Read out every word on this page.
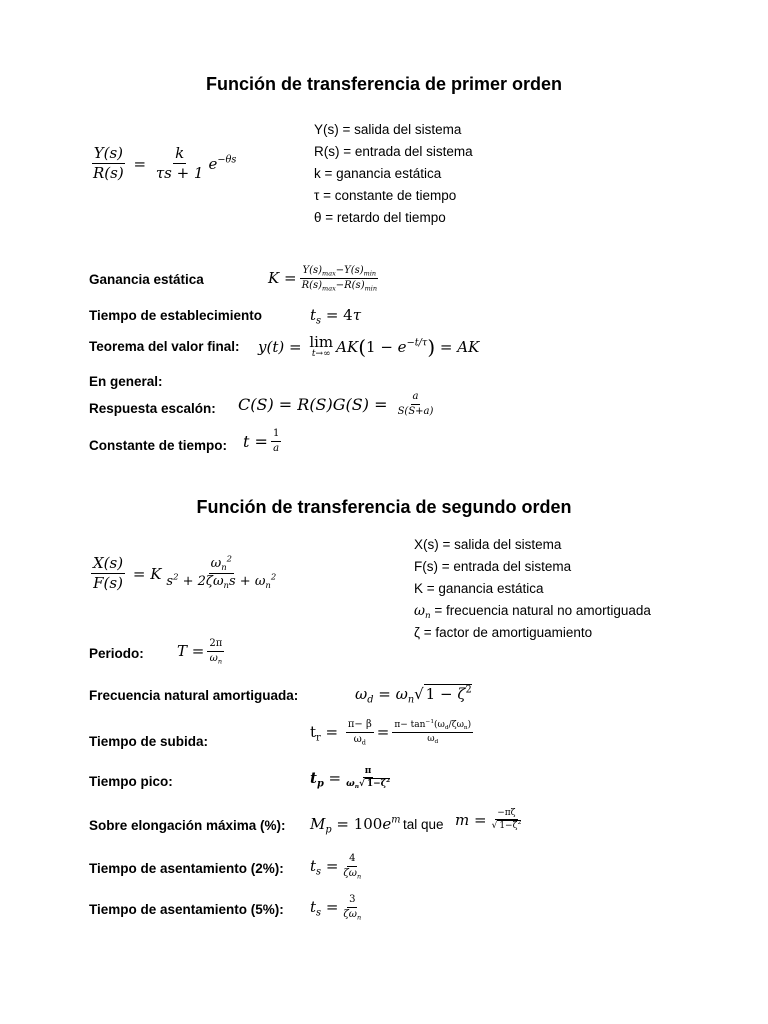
Función de transferencia de primer orden
$\frac{Y(s)}{R(s)} = \frac{k}{\tau s + 1} e^{-\theta s}$
Y(s) = salida del sistema
R(s) = entrada del sistema
k = ganancia estática
τ = constante de tiempo
θ = retardo del tiempo
Ganancia estática	$K = \frac{Y(s)_{max}-Y(s)_{min}}{R(s)_{max}-R(s)_{min}}$
Tiempo de establecimiento	$t_s = 4$ τ
Teorema del valor final: y(t) = lim
t→∞ AK ( $1 - e^{-t/\tau}$ ) = AK
En general:
Respuesta escalón: $C(S) = R(S)G(S) = \frac{a}{S(S+a)}$
Constante de tiempo: $t = \frac{1}{a}$
Función de transferencia de segundo orden
$\frac{X(s)}{F(s)} = K \frac{\omega_n^2}{s^2 + 2\zeta\omega_ns + \omega_n^2}$
X(s) = salida del sistema
F(s) = entrada del sistema
K = ganancia estática
$\omega_n$ = frecuencia natural no amortiguada
ζ = factor de amortiguamiento
Periodo: $T = \frac{2\pi}{\omega_n}$
Frecuencia natural amortiguada:	$\omega_d = \omega_n$ √ $1 - \zeta^2$
Tiempo de subida:
$t_r = \frac{\pi- \beta}{\omega_d} = \frac{\pi- \tan^{-1}(\omega_d/\zeta\omega_n)}{\omega_d}$
Tiempo pico:	$t_p = \frac{\pi}{\omega_n√ 1-\zeta^2}$
Sobre elongación máxima (%): $M_p = 100$ $e^m$ tal que $m = \frac{-\pi\zeta}{√ 1-\zeta^2}$
Tiempo de asentamiento (2%): $t_s = \frac{4}{\zeta\omega_n}$
Tiempo de asentamiento (5%): $t_s = \frac{3}{\zeta\omega_n}$
